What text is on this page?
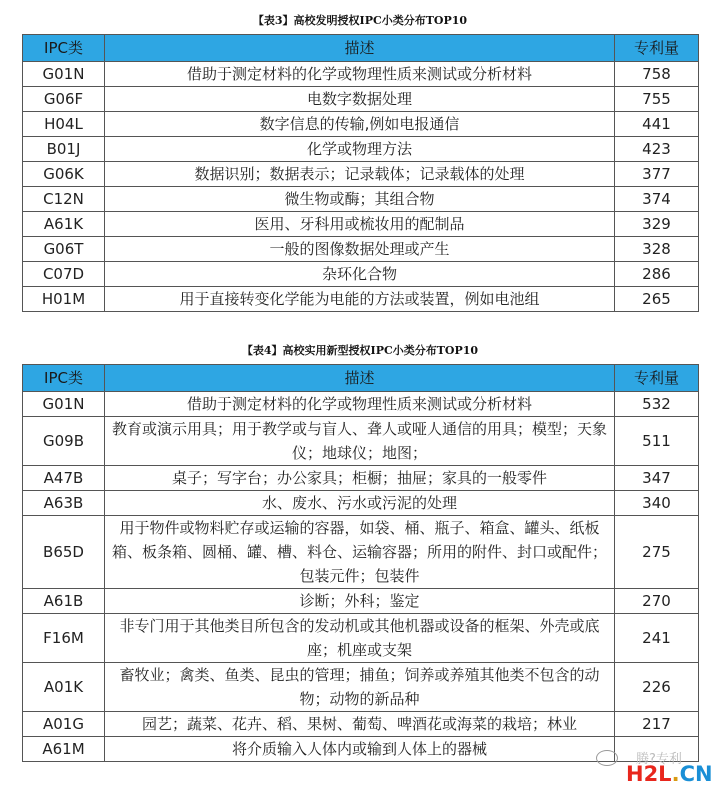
【表3】高校发明授权IPC小类分布TOP10
IPC类	描述	专利量
G01N	借助于测定材料的化学或物理性质来测试或分析材料	758
G06F	电数字数据处理	755
H04L	数字信息的传输,例如电报通信	441
B01J	化学或物理方法	423
G06K	数据识别；数据表示；记录载体；记录载体的处理	377
C12N	微生物或酶；其组合物	374
A61K	医用、牙科用或梳妆用的配制品	329
G06T	一般的图像数据处理或产生	328
C07D	杂环化合物	286
H01M	用于直接转变化学能为电能的方法或装置，例如电池组	265
【表4】高校实用新型授权IPC小类分布TOP10
IPC类	描述	专利量
G01N	借助于测定材料的化学或物理性质来测试或分析材料	532
G09B	教育或演示用具；用于教学或与盲人、聋人或哑人通信的用具；模型；天象仪；地球仪；地图；	511
A47B	桌子；写字台；办公家具；柜橱；抽屉；家具的一般零件	347
A63B	水、废水、污水或污泥的处理	340
B65D	用于物件或物料贮存或运输的容器，如袋、桶、瓶子、箱盒、罐头、纸板箱、板条箱、圆桶、罐、槽、料仓、运输容器；所用的附件、封口或配件；包装元件；包装件	275
A61B	诊断；外科；鉴定	270
F16M	非专门用于其他类目所包含的发动机或其他机器或设备的框架、外壳或底座；机座或支架	241
A01K	畜牧业；禽类、鱼类、昆虫的管理；捕鱼；饲养或养殖其他类不包含的动物；动物的新品种	226
A01G	园艺；蔬菜、花卉、稻、果树、葡萄、啤酒花或海菜的栽培；林业	217
A61M	将介质输入人体内或输到人体上的器械	
腾?专利
H2L.CN
